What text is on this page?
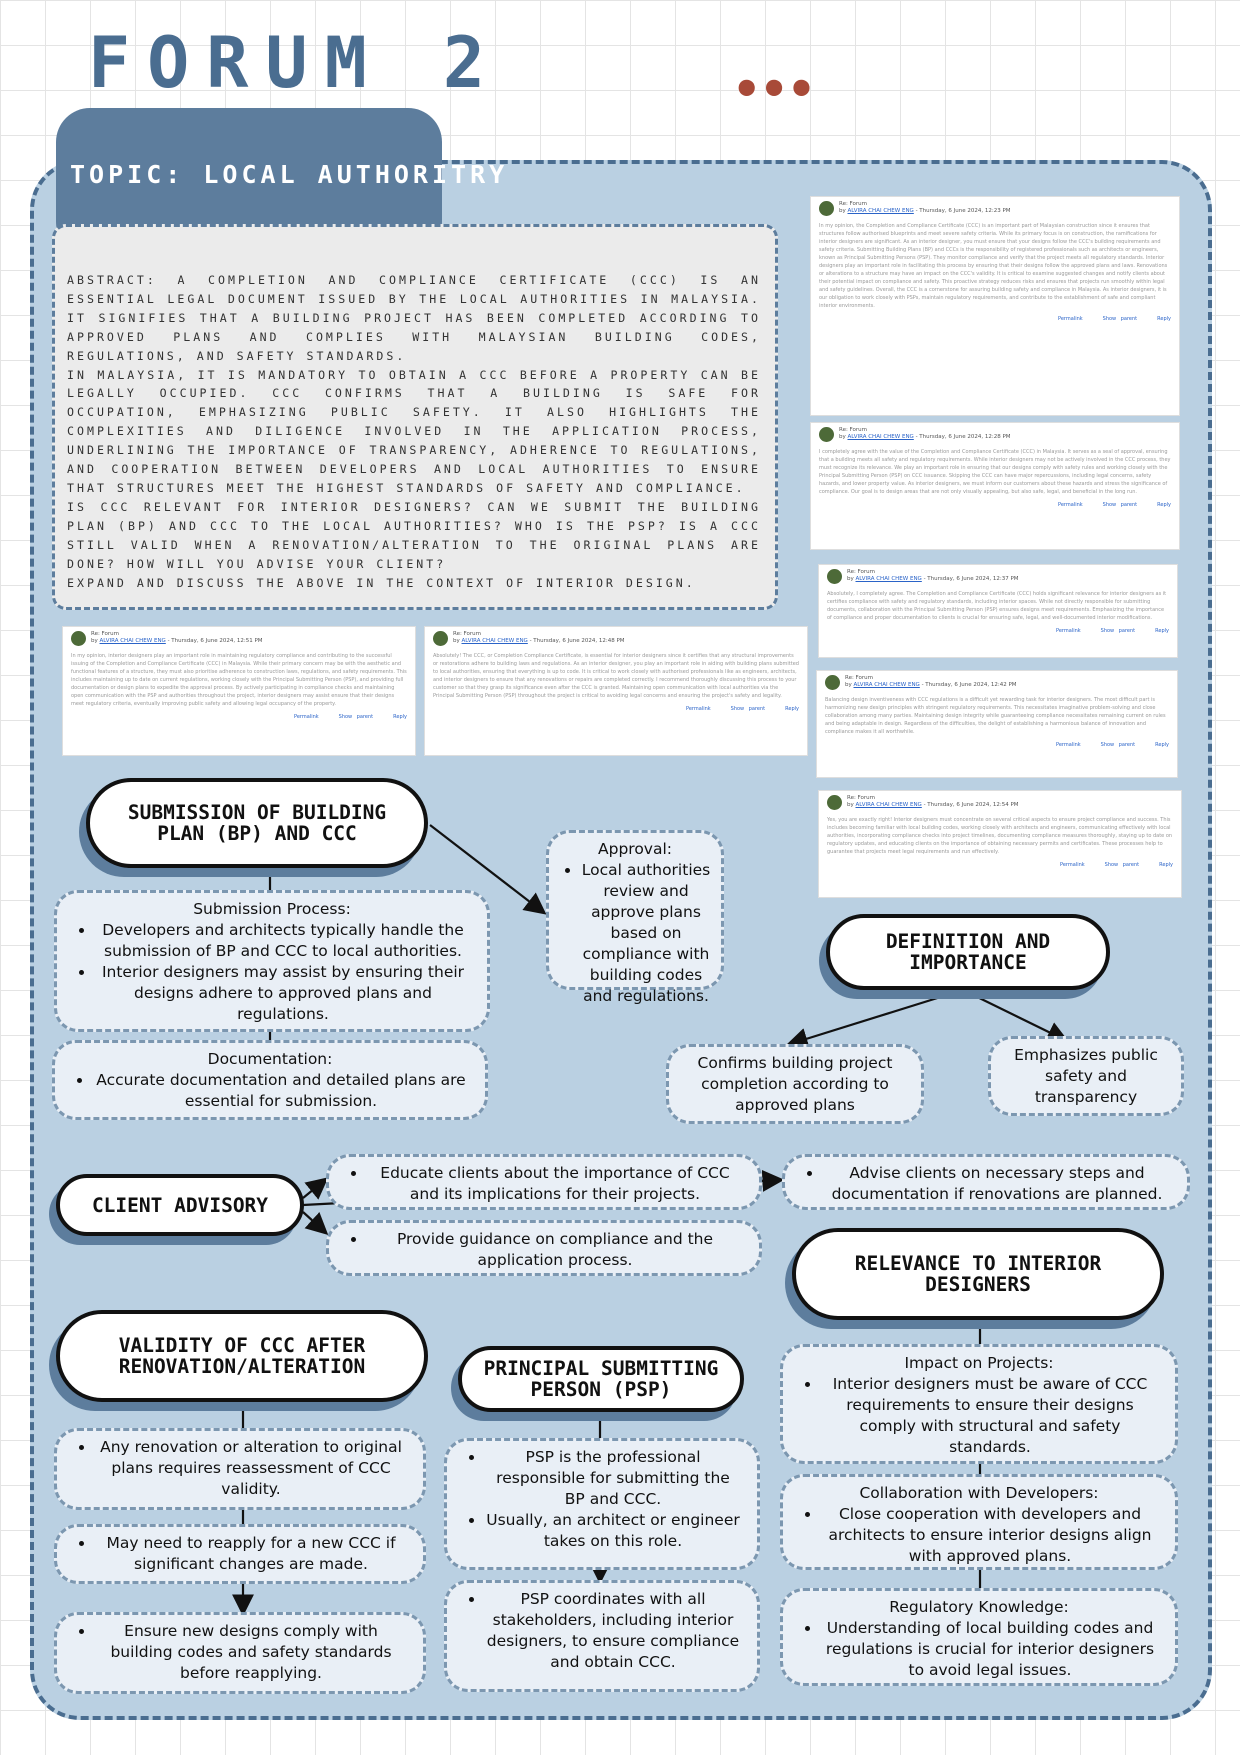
FORUM 2	•••
TOPIC: LOCAL AUTHORITRY

ABSTRACT: A COMPLETION AND COMPLIANCE CERTIFICATE (CCC) IS AN ESSENTIAL LEGAL DOCUMENT ISSUED BY THE LOCAL AUTHORITIES IN MALAYSIA. IT SIGNIFIES THAT A BUILDING PROJECT HAS BEEN COMPLETED ACCORDING TO APPROVED PLANS AND COMPLIES WITH MALAYSIAN BUILDING CODES, REGULATIONS, AND SAFETY STANDARDS.

IN MALAYSIA, IT IS MANDATORY TO OBTAIN A CCC BEFORE A PROPERTY CAN BE LEGALLY OCCUPIED. CCC CONFIRMS THAT A BUILDING IS SAFE FOR OCCUPATION, EMPHASIZING PUBLIC SAFETY. IT ALSO HIGHLIGHTS THE COMPLEXITIES AND DILIGENCE INVOLVED IN THE APPLICATION PROCESS, UNDERLINING THE IMPORTANCE OF TRANSPARENCY, ADHERENCE TO REGULATIONS, AND COOPERATION BETWEEN DEVELOPERS AND LOCAL AUTHORITIES TO ENSURE THAT STRUCTURES MEET THE HIGHEST STANDARDS OF SAFETY AND COMPLIANCE.

IS CCC RELEVANT FOR INTERIOR DESIGNERS? CAN WE SUBMIT THE BUILDING PLAN (BP) AND CCC TO THE LOCAL AUTHORITIES? WHO IS THE PSP? IS A CCC STILL VALID WHEN A RENOVATION/ALTERATION TO THE ORIGINAL PLANS ARE DONE? HOW WILL YOU ADVISE YOUR CLIENT?

EXPAND AND DISCUSS THE ABOVE IN THE CONTEXT OF INTERIOR DESIGN.

Re: Forum
by ALVIRA CHAI CHEW ENG - Thursday, 6 June 2024, 12:23 PM
In my opinion, the Completion and Compliance Certificate (CCC) is an important part of Malaysian construction since it ensures that structures follow authorised blueprints and meet severe safety criteria. While its primary focus is on construction, the ramifications for interior designers are significant. As an interior designer, you must ensure that your designs follow the CCC's building requirements and safety criteria. Submitting Building Plans (BP) and CCCs is the responsibility of registered professionals such as architects or engineers, known as Principal Submitting Persons (PSP). They monitor compliance and verify that the project meets all regulatory standards. Interior designers play an important role in facilitating this process by ensuring that their designs follow the approved plans and laws. Renovations or alterations to a structure may have an impact on the CCC's validity. It is critical to examine suggested changes and notify clients about their potential impact on compliance and safety. This proactive strategy reduces risks and ensures that projects run smoothly within legal and safety guidelines. Overall, the CCC is a cornerstone for assuring building safety and compliance in Malaysia. As interior designers, it is our obligation to work closely with PSPs, maintain regulatory requirements, and contribute to the establishment of safe and compliant interior environments.
Permalink	Show parent	Reply
Re: Forum
by ALVIRA CHAI CHEW ENG - Thursday, 6 June 2024, 12:28 PM
I completely agree with the value of the Completion and Compliance Certificate (CCC) in Malaysia. It serves as a seal of approval, ensuring that a building meets all safety and regulatory requirements. While interior designers may not be actively involved in the CCC process, they must recognize its relevance. We play an important role in ensuring that our designs comply with safety rules and working closely with the Principal Submitting Person (PSP) on CCC issuance. Skipping the CCC can have major repercussions, including legal concerns, safety hazards, and lower property value. As interior designers, we must inform our customers about these hazards and stress the significance of compliance. Our goal is to design areas that are not only visually appealing, but also safe, legal, and beneficial in the long run.
Permalink	Show parent	Reply
Re: Forum
by ALVIRA CHAI CHEW ENG - Thursday, 6 June 2024, 12:37 PM
Absolutely, I completely agree. The Completion and Compliance Certificate (CCC) holds significant relevance for interior designers as it certifies compliance with safety and regulatory standards, including interior spaces. While not directly responsible for submitting documents, collaboration with the Principal Submitting Person (PSP) ensures designs meet requirements. Emphasizing the importance of compliance and proper documentation to clients is crucial for ensuring safe, legal, and well-documented interior modifications.
Permalink	Show parent	Reply
Re: Forum
by ALVIRA CHAI CHEW ENG - Thursday, 6 June 2024, 12:42 PM
Balancing design inventiveness with CCC regulations is a difficult yet rewarding task for interior designers. The most difficult part is harmonizing new design principles with stringent regulatory requirements. This necessitates imaginative problem-solving and close collaboration among many parties. Maintaining design integrity while guaranteeing compliance necessitates remaining current on rules and being adaptable in design. Regardless of the difficulties, the delight of establishing a harmonious balance of innovation and compliance makes it all worthwhile.
Permalink	Show parent	Reply
Re: Forum
by ALVIRA CHAI CHEW ENG - Thursday, 6 June 2024, 12:54 PM
Yes, you are exactly right! Interior designers must concentrate on several critical aspects to ensure project compliance and success. This includes becoming familiar with local building codes, working closely with architects and engineers, communicating effectively with local authorities, incorporating compliance checks into project timelines, documenting compliance measures thoroughly, staying up to date on regulatory updates, and educating clients on the importance of obtaining necessary permits and certificates. These processes help to guarantee that projects meet legal requirements and run effectively.
Permalink	Show parent	Reply
Re: Forum
by ALVIRA CHAI CHEW ENG - Thursday, 6 June 2024, 12:51 PM
In my opinion, interior designers play an important role in maintaining regulatory compliance and contributing to the successful issuing of the Completion and Compliance Certificate (CCC) in Malaysia. While their primary concern may be with the aesthetic and functional features of a structure, they must also prioritise adherence to construction laws, regulations, and safety requirements. This includes maintaining up to date on current regulations, working closely with the Principal Submitting Person (PSP), and providing full documentation or design plans to expedite the approval process. By actively participating in compliance checks and maintaining open communication with the PSP and authorities throughout the project, interior designers may assist ensure that their designs meet regulatory criteria, eventually improving public safety and allowing legal occupancy of the property.
Permalink	Show parent	Reply
Re: Forum
by ALVIRA CHAI CHEW ENG - Thursday, 6 June 2024, 12:48 PM
Absolutely! The CCC, or Completion Compliance Certificate, is essential for interior designers since it certifies that any structural improvements or restorations adhere to building laws and regulations. As an interior designer, you play an important role in aiding with building plans submitted to local authorities, ensuring that everything is up to code. It is critical to work closely with authorised professionals like as engineers, architects, and interior designers to ensure that any renovations or repairs are completed correctly. I recommend thoroughly discussing this process to your customer so that they grasp its significance even after the CCC is granted. Maintaining open communication with local authorities via the Principal Submitting Person (PSP) throughout the project is critical to avoiding legal concerns and ensuring the project's safety and legality.
Permalink	Show parent	Reply
SUBMISSION OF BUILDING PLAN (BP) AND CCC
Submission Process:
• Developers and architects typically handle the submission of BP and CCC to local authorities.
• Interior designers may assist by ensuring their designs adhere to approved plans and regulations.
Documentation:
• Accurate documentation and detailed plans are essential for submission.
Approval:
• Local authorities review and approve plans based on compliance with building codes and regulations.
DEFINITION AND IMPORTANCE
Confirms building project completion according to approved plans
Emphasizes public safety and transparency
CLIENT ADVISORY
• Educate clients about the importance of CCC and its implications for their projects.
• Advise clients on necessary steps and documentation if renovations are planned.
• Provide guidance on compliance and the application process.	RELEVANCE TO INTERIOR DESIGNERS
Impact on Projects:
• Interior designers must be aware of CCC requirements to ensure their designs comply with structural and safety standards.
Collaboration with Developers:
• Close cooperation with developers and architects to ensure interior designs align with approved plans.
Regulatory Knowledge:
• Understanding of local building codes and regulations is crucial for interior designers to avoid legal issues.
VALIDITY OF CCC AFTER RENOVATION/ALTERATION
• Any renovation or alteration to original plans requires reassessment of CCC validity.
• May need to reapply for a new CCC if significant changes are made.
• Ensure new designs comply with building codes and safety standards before reapplying.
PRINCIPAL SUBMITTING PERSON (PSP)
• PSP is the professional responsible for submitting the BP and CCC.
• Usually, an architect or engineer takes on this role.
• PSP coordinates with all stakeholders, including interior designers, to ensure compliance and obtain CCC.
